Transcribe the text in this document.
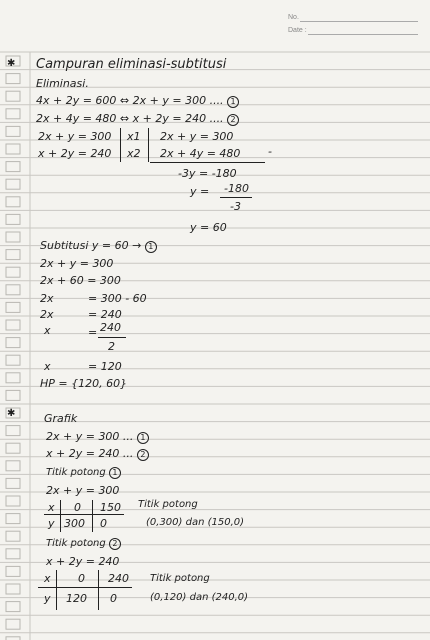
No.
Date :
✱ Campuran eliminasi-subtitusi
Eliminasi.
4x + 2y = 600 ⇔ 2x + y = 300 .... 1
2x + 4y = 480 ⇔ x + 2y = 240 .... 2
2x + y = 300
x + 2y = 240
x1
x2
2x + y = 300
2x + 4y = 480	-
-3y = -180
y = -180
-3
y = 60
Subtitusi y = 60 → 1
2x + y = 300
2x + 60 = 300
2x	= 300 - 60
2x	= 240
x	= 240
2
x	= 120
HP = {120, 60}
✱	Grafik
2x + y = 300 ... 1
x + 2y = 240 ... 2
Titik potong 1
2x + y = 300
x 0 150
y 300 0
Titik potong
(0,300) dan (150,0)
Titik potong 2
x + 2y = 240
x 0 240
y 120 0
Titik potong
(0,120) dan (240,0)
